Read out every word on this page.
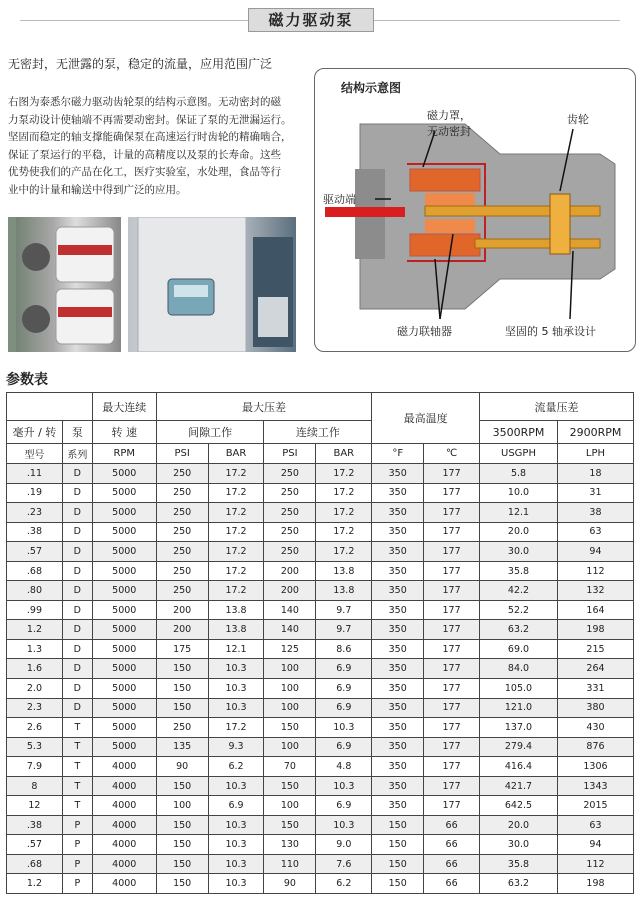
磁力驱动泵
无密封，无泄露的泵，稳定的流量，应用范围广泛
右图为泰悉尔磁力驱动齿轮泵的结构示意图。无动密封的磁
力泵动设计使轴端不再需要动密封。保证了泵的无泄漏运行。
坚固而稳定的轴支撑能确保泵在高速运行时齿轮的精确啮合，
保证了泵运行的平稳，计量的高精度以及泵的长寿命。这些
优势使我们的产品在化工，医疗实验室，水处理，食品等行
业中的计量和输送中得到广泛的应用。
结构示意图
磁力罩，
无动密封
齿轮
驱动端
磁力联轴器	坚固的 5 轴承设计
参数表
		最大连续	最大压差				最高温度		流量压差	
毫升 / 转	泵	转 速	间隙工作		连续工作				3500RPM	2900RPM
型号	系列	RPM	PSI	BAR	PSI	BAR	°F	℃	USGPH	LPH
.11	D	5000	250	17.2	250	17.2	350	177	5.8	18
.19	D	5000	250	17.2	250	17.2	350	177	10.0	31
.23	D	5000	250	17.2	250	17.2	350	177	12.1	38
.38	D	5000	250	17.2	250	17.2	350	177	20.0	63
.57	D	5000	250	17.2	250	17.2	350	177	30.0	94
.68	D	5000	250	17.2	200	13.8	350	177	35.8	112
.80	D	5000	250	17.2	200	13.8	350	177	42.2	132
.99	D	5000	200	13.8	140	9.7	350	177	52.2	164
1.2	D	5000	200	13.8	140	9.7	350	177	63.2	198
1.3	D	5000	175	12.1	125	8.6	350	177	69.0	215
1.6	D	5000	150	10.3	100	6.9	350	177	84.0	264
2.0	D	5000	150	10.3	100	6.9	350	177	105.0	331
2.3	D	5000	150	10.3	100	6.9	350	177	121.0	380
2.6	T	5000	250	17.2	150	10.3	350	177	137.0	430
5.3	T	5000	135	9.3	100	6.9	350	177	279.4	876
7.9	T	4000	90	6.2	70	4.8	350	177	416.4	1306
8	T	4000	150	10.3	150	10.3	350	177	421.7	1343
12	T	4000	100	6.9	100	6.9	350	177	642.5	2015
.38	P	4000	150	10.3	150	10.3	150	66	20.0	63
.57	P	4000	150	10.3	130	9.0	150	66	30.0	94
.68	P	4000	150	10.3	110	7.6	150	66	35.8	112
1.2	P	4000	150	10.3	90	6.2	150	66	63.2	198
